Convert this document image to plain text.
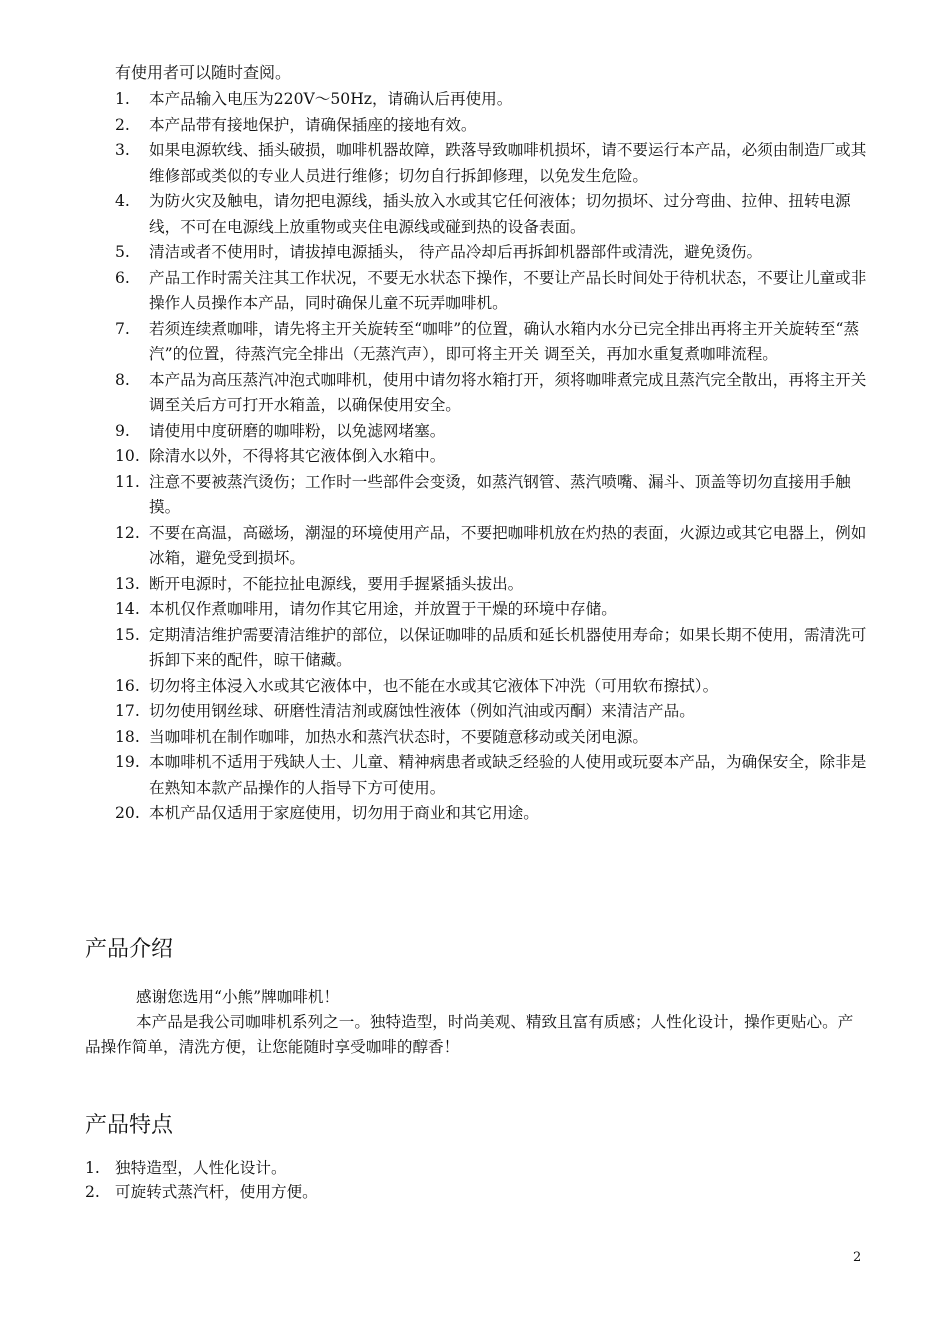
有使用者可以随时查阅。
1.	本产品输入电压为220V～50Hz，请确认后再使用。
2.	本产品带有接地保护，请确保插座的接地有效。
3.	如果电源软线、插头破损，咖啡机器故障，跌落导致咖啡机损坏，请不要运行本产品，必须由制造厂或其维修部或类似的专业人员进行维修；切勿自行拆卸修理，以免发生危险。
4.	为防火灾及触电，请勿把电源线，插头放入水或其它任何液体；切勿损坏、过分弯曲、拉伸、扭转电源线，不可在电源线上放重物或夹住电源线或碰到热的设备表面。
5.	清洁或者不使用时，请拔掉电源插头， 待产品冷却后再拆卸机器部件或清洗，避免烫伤。
6.	产品工作时需关注其工作状况，不要无水状态下操作，不要让产品长时间处于待机状态，不要让儿童或非操作人员操作本产品，同时确保儿童不玩弄咖啡机。
7.	若须连续煮咖啡，请先将主开关旋转至“咖啡”的位置，确认水箱内水分已完全排出再将主开关旋转至“蒸汽”的位置，待蒸汽完全排出（无蒸汽声），即可将主开关 调至关，再加水重复煮咖啡流程。
8.	本产品为高压蒸汽冲泡式咖啡机，使用中请勿将水箱打开，须将咖啡煮完成且蒸汽完全散出，再将主开关调至关后方可打开水箱盖，以确保使用安全。
9.	请使用中度研磨的咖啡粉，以免滤网堵塞。
10. 除清水以外，不得将其它液体倒入水箱中。
11. 注意不要被蒸汽烫伤；工作时一些部件会变烫，如蒸汽钢管、蒸汽喷嘴、漏斗、顶盖等切勿直接用手触摸。
12. 不要在高温，高磁场，潮湿的环境使用产品，不要把咖啡机放在灼热的表面，火源边或其它电器上，例如冰箱，避免受到损坏。
13. 断开电源时，不能拉扯电源线，要用手握紧插头拔出。
14. 本机仅作煮咖啡用，请勿作其它用途，并放置于干燥的环境中存储。
15. 定期清洁维护需要清洁维护的部位，以保证咖啡的品质和延长机器使用寿命；如果长期不使用，需清洗可拆卸下来的配件，晾干储藏。
16. 切勿将主体浸入水或其它液体中，也不能在水或其它液体下冲洗（可用软布擦拭）。
17. 切勿使用钢丝球、研磨性清洁剂或腐蚀性液体（例如汽油或丙酮）来清洁产品。
18. 当咖啡机在制作咖啡，加热水和蒸汽状态时，不要随意移动或关闭电源。
19. 本咖啡机不适用于残缺人士、儿童、精神病患者或缺乏经验的人使用或玩耍本产品，为确保安全，除非是在熟知本款产品操作的人指导下方可使用。
20. 本机产品仅适用于家庭使用，切勿用于商业和其它用途。
产品介绍

感谢您选用“小熊”牌咖啡机！

本产品是我公司咖啡机系列之一。独特造型，时尚美观、精致且富有质感；人性化设计，操作更贴心。产品操作简单，清洗方便，让您能随时享受咖啡的醇香！

产品特点
1. 独特造型，人性化设计。
2. 可旋转式蒸汽杆，使用方便。
2
